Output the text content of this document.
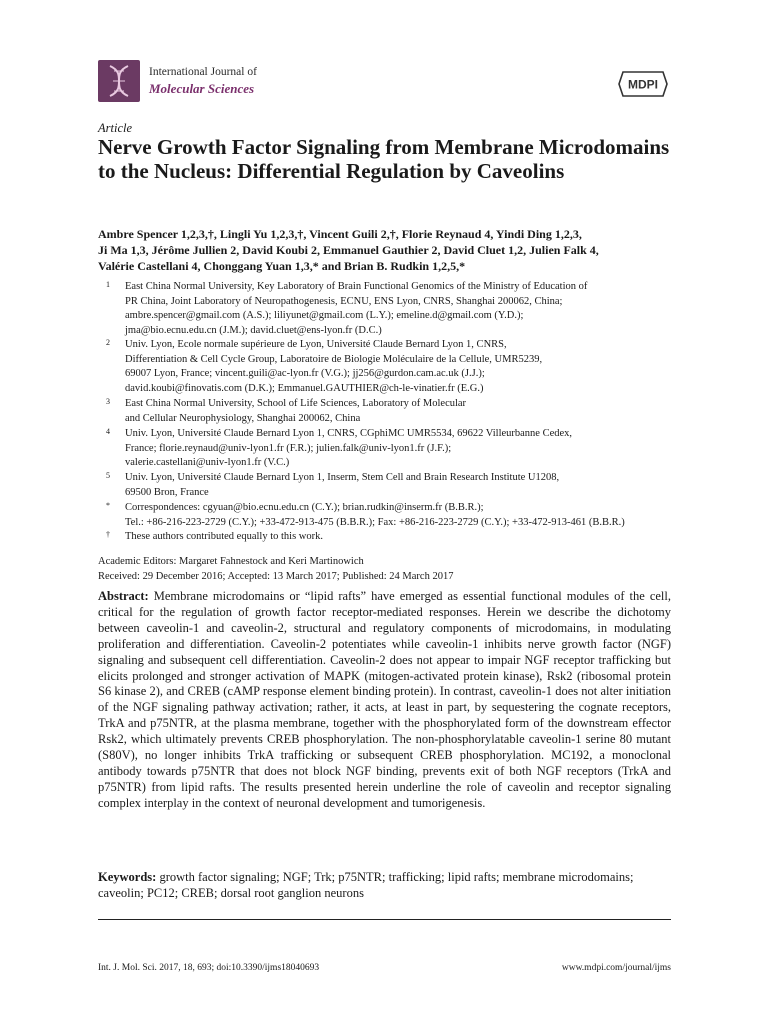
International Journal of
Molecular Sciences	MDPI
Article
Nerve Growth Factor Signaling from Membrane Microdomains to the Nucleus: Differential Regulation by Caveolins
Ambre Spencer 1,2,3,†, Lingli Yu 1,2,3,†, Vincent Guili 2,†, Florie Reynaud 4, Yindi Ding 1,2,3,
Ji Ma 1,3, Jérôme Jullien 2, David Koubi 2, Emmanuel Gauthier 2, David Cluet 1,2, Julien Falk 4,
Valérie Castellani 4, Chonggang Yuan 1,3,* and Brian B. Rudkin 1,2,5,*
1 East China Normal University, Key Laboratory of Brain Functional Genomics of the Ministry of Education of
PR China, Joint Laboratory of Neuropathogenesis, ECNU, ENS Lyon, CNRS, Shanghai 200062, China;
ambre.spencer@gmail.com (A.S.); liliyunet@gmail.com (L.Y.); emeline.d@gmail.com (Y.D.);
jma@bio.ecnu.edu.cn (J.M.); david.cluet@ens-lyon.fr (D.C.)
2 Univ. Lyon, Ecole normale supérieure de Lyon, Université Claude Bernard Lyon 1, CNRS,
Differentiation & Cell Cycle Group, Laboratoire de Biologie Moléculaire de la Cellule, UMR5239,
69007 Lyon, France; vincent.guili@ac-lyon.fr (V.G.); jj256@gurdon.cam.ac.uk (J.J.);
david.koubi@finovatis.com (D.K.); Emmanuel.GAUTHIER@ch-le-vinatier.fr (E.G.)
3 East China Normal University, School of Life Sciences, Laboratory of Molecular
and Cellular Neurophysiology, Shanghai 200062, China
4 Univ. Lyon, Université Claude Bernard Lyon 1, CNRS, CGphiMC UMR5534, 69622 Villeurbanne Cedex,
France; florie.reynaud@univ-lyon1.fr (F.R.); julien.falk@univ-lyon1.fr (J.F.);
valerie.castellani@univ-lyon1.fr (V.C.)
5 Univ. Lyon, Université Claude Bernard Lyon 1, Inserm, Stem Cell and Brain Research Institute U1208,
69500 Bron, France
* Correspondences: cgyuan@bio.ecnu.edu.cn (C.Y.); brian.rudkin@inserm.fr (B.B.R.);
Tel.: +86-216-223-2729 (C.Y.); +33-472-913-475 (B.B.R.); Fax: +86-216-223-2729 (C.Y.); +33-472-913-461 (B.B.R.)
† These authors contributed equally to this work.
Academic Editors: Margaret Fahnestock and Keri Martinowich
Received: 29 December 2016; Accepted: 13 March 2017; Published: 24 March 2017
Abstract: Membrane microdomains or “lipid rafts” have emerged as essential functional modules of the cell, critical for the regulation of growth factor receptor-mediated responses. Herein we describe the dichotomy between caveolin-1 and caveolin-2, structural and regulatory components of microdomains, in modulating proliferation and differentiation. Caveolin-2 potentiates while caveolin-1 inhibits nerve growth factor (NGF) signaling and subsequent cell differentiation. Caveolin-2 does not appear to impair NGF receptor trafficking but elicits prolonged and stronger activation of MAPK (mitogen-activated protein kinase), Rsk2 (ribosomal protein S6 kinase 2), and CREB (cAMP response element binding protein). In contrast, caveolin-1 does not alter initiation of the NGF signaling pathway activation; rather, it acts, at least in part, by sequestering the cognate receptors, TrkA and p75NTR, at the plasma membrane, together with the phosphorylated form of the downstream effector Rsk2, which ultimately prevents CREB phosphorylation. The non-phosphorylatable caveolin-1 serine 80 mutant (S80V), no longer inhibits TrkA trafficking or subsequent CREB phosphorylation. MC192, a monoclonal antibody towards p75NTR that does not block NGF binding, prevents exit of both NGF receptors (TrkA and p75NTR) from lipid rafts. The results presented herein underline the role of caveolin and receptor signaling complex interplay in the context of neuronal development and tumorigenesis.
Keywords: growth factor signaling; NGF; Trk; p75NTR; trafficking; lipid rafts; membrane microdomains; caveolin; PC12; CREB; dorsal root ganglion neurons
Int. J. Mol. Sci. 2017, 18, 693; doi:10.3390/ijms18040693	www.mdpi.com/journal/ijms
